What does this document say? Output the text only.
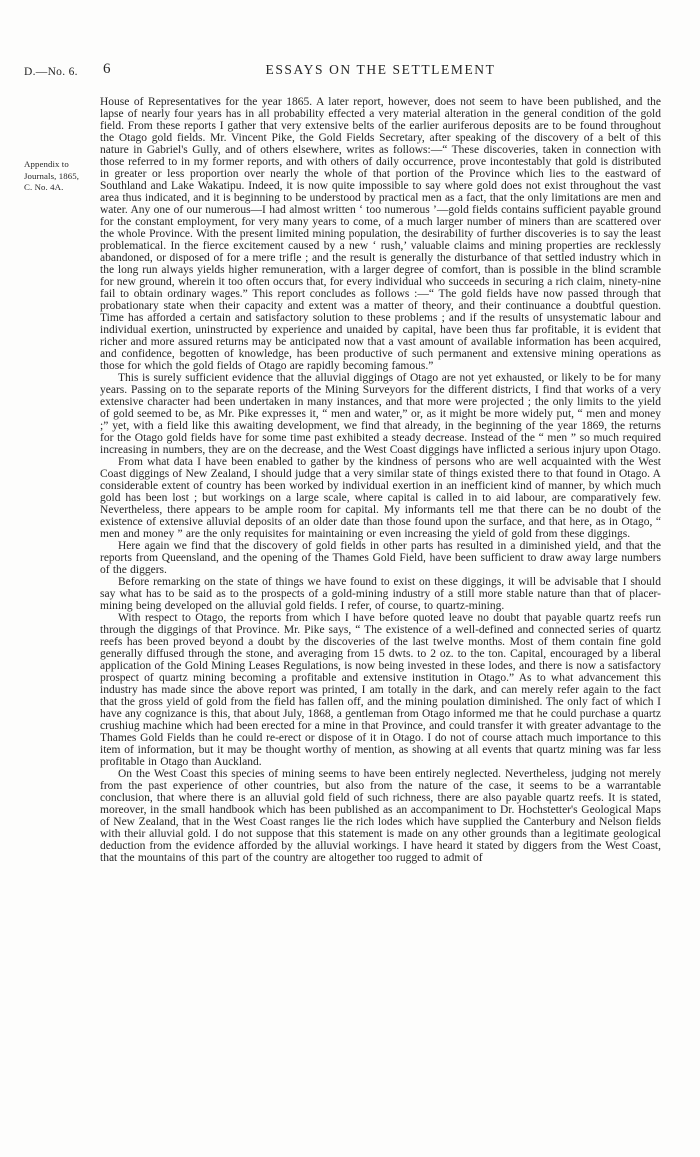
D.—No. 6. 6	ESSAYS ON THE SETTLEMENT
Appendix to
Journals, 1865,
C. No. 4A.

House of Representatives for the year 1865. A later report, however, does not seem to have been published, and the lapse of nearly four years has in all probability effected a very material alteration in the general condition of the gold field. From these reports I gather that very extensive belts of the earlier auriferous deposits are to be found throughout the Otago gold fields. Mr. Vincent Pike, the Gold Fields Secretary, after speaking of the discovery of a belt of this nature in Gabriel's Gully, and of others elsewhere, writes as follows:—“ These discoveries, taken in connection with those referred to in my former reports, and with others of daily occurrence, prove incontestably that gold is distributed in greater or less proportion over nearly the whole of that portion of the Province which lies to the eastward of Southland and Lake Wakatipu. Indeed, it is now quite impossible to say where gold does not exist throughout the vast area thus indicated, and it is beginning to be understood by practical men as a fact, that the only limitations are men and water. Any one of our numerous—I had almost written ‘ too numerous ’—gold fields contains sufficient payable ground for the constant employment, for very many years to come, of a much larger number of miners than are scattered over the whole Province. With the present limited mining population, the desirability of further discoveries is to say the least problematical. In the fierce excitement caused by a new ‘ rush,’ valuable claims and mining properties are recklessly abandoned, or disposed of for a mere trifle ; and the result is generally the disturbance of that settled industry which in the long run always yields higher remuneration, with a larger degree of comfort, than is possible in the blind scramble for new ground, wherein it too often occurs that, for every individual who succeeds in securing a rich claim, ninety-nine fail to obtain ordinary wages.” This report concludes as follows :—“ The gold fields have now passed through that probationary state when their capacity and extent was a matter of theory, and their continuance a doubtful question. Time has afforded a certain and satisfactory solution to these problems ; and if the results of unsystematic labour and individual exertion, uninstructed by experience and unaided by capital, have been thus far profitable, it is evident that richer and more assured returns may be anticipated now that a vast amount of available information has been acquired, and confidence, begotten of knowledge, has been productive of such permanent and extensive mining operations as those for which the gold fields of Otago are rapidly becoming famous.”

This is surely sufficient evidence that the alluvial diggings of Otago are not yet exhausted, or likely to be for many years. Passing on to the separate reports of the Mining Surveyors for the different districts, I find that works of a very extensive character had been undertaken in many instances, and that more were projected ; the only limits to the yield of gold seemed to be, as Mr. Pike expresses it, “ men and water,” or, as it might be more widely put, “ men and money ;” yet, with a field like this awaiting development, we find that already, in the beginning of the year 1869, the returns for the Otago gold fields have for some time past exhibited a steady decrease. Instead of the “ men ” so much required increasing in numbers, they are on the decrease, and the West Coast diggings have inflicted a serious injury upon Otago.

From what data I have been enabled to gather by the kindness of persons who are well acquainted with the West Coast diggings of New Zealand, I should judge that a very similar state of things existed there to that found in Otago. A considerable extent of country has been worked by individual exertion in an inefficient kind of manner, by which much gold has been lost ; but workings on a large scale, where capital is called in to aid labour, are comparatively few. Nevertheless, there appears to be ample room for capital. My informants tell me that there can be no doubt of the existence of extensive alluvial deposits of an older date than those found upon the surface, and that here, as in Otago, “ men and money ” are the only requisites for maintaining or even increasing the yield of gold from these diggings.

Here again we find that the discovery of gold fields in other parts has resulted in a diminished yield, and that the reports from Queensland, and the opening of the Thames Gold Field, have been sufficient to draw away large numbers of the diggers.

Before remarking on the state of things we have found to exist on these diggings, it will be advisable that I should say what has to be said as to the prospects of a gold-mining industry of a still more stable nature than that of placer-mining being developed on the alluvial gold fields. I refer, of course, to quartz-mining.

With respect to Otago, the reports from which I have before quoted leave no doubt that payable quartz reefs run through the diggings of that Province. Mr. Pike says, “ The existence of a well-defined and connected series of quartz reefs has been proved beyond a doubt by the discoveries of the last twelve months. Most of them contain fine gold generally diffused through the stone, and averaging from 15 dwts. to 2 oz. to the ton. Capital, encouraged by a liberal application of the Gold Mining Leases Regulations, is now being invested in these lodes, and there is now a satisfactory prospect of quartz mining becoming a profitable and extensive institution in Otago.” As to what advancement this industry has made since the above report was printed, I am totally in the dark, and can merely refer again to the fact that the gross yield of gold from the field has fallen off, and the mining poulation diminished. The only fact of which I have any cognizance is this, that about July, 1868, a gentleman from Otago informed me that he could purchase a quartz crushiug machine which had been erected for a mine in that Province, and could transfer it with greater advantage to the Thames Gold Fields than he could re-erect or dispose of it in Otago. I do not of course attach much importance to this item of information, but it may be thought worthy of mention, as showing at all events that quartz mining was far less profitable in Otago than Auckland.

On the West Coast this species of mining seems to have been entirely neglected. Nevertheless, judging not merely from the past experience of other countries, but also from the nature of the case, it seems to be a warrantable conclusion, that where there is an alluvial gold field of such richness, there are also payable quartz reefs. It is stated, moreover, in the small handbook which has been published as an accompaniment to Dr. Hochstetter's Geological Maps of New Zealand, that in the West Coast ranges lie the rich lodes which have supplied the Canterbury and Nelson fields with their alluvial gold. I do not suppose that this statement is made on any other grounds than a legitimate geological deduction from the evidence afforded by the alluvial workings. I have heard it stated by diggers from the West Coast, that the mountains of this part of the country are altogether too rugged to admit of
